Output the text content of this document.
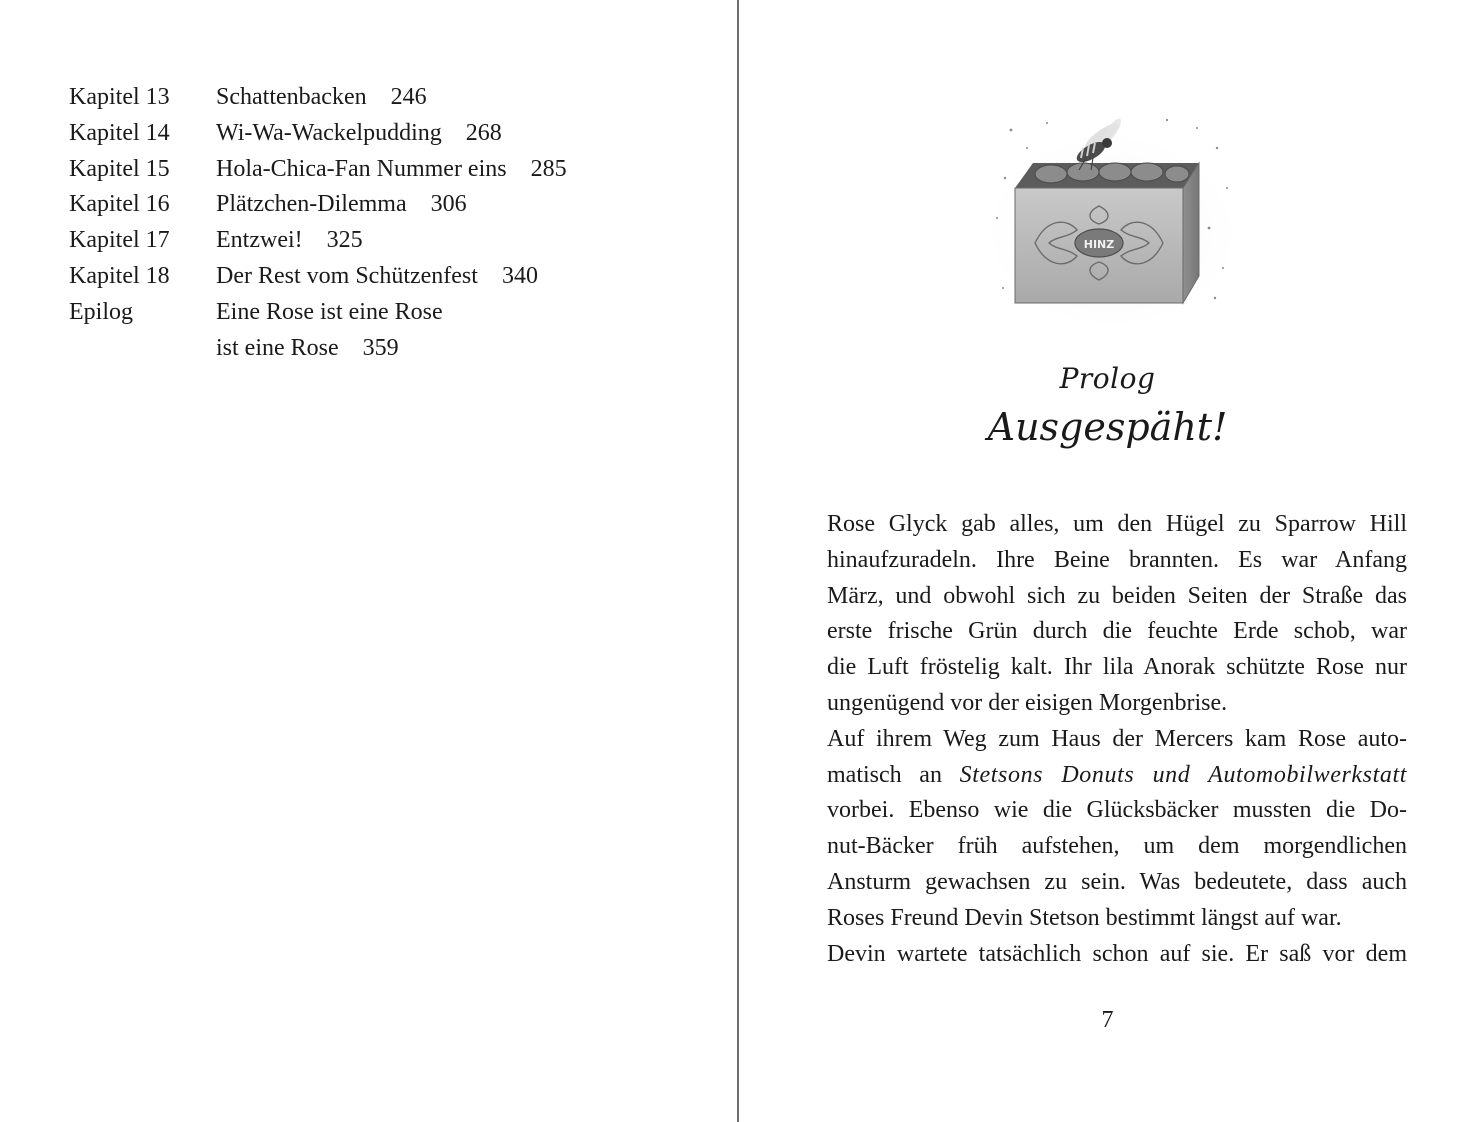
Kapitel 13	Schattenbacken 246
Kapitel 14	Wi-Wa-Wackelpudding 268
Kapitel 15	Hola-Chica-Fan Nummer eins 285
Kapitel 16	Plätzchen-Dilemma 306
Kapitel 17	Entzwei! 325
Kapitel 18	Der Rest vom Schützenfest 340
Epilog	Eine Rose ist eine Rose
ist eine Rose 359
HINZ
Prolog
Ausgespäht!
Rose Glyck gab alles, um den Hügel zu Sparrow Hill
hinaufzuradeln. Ihre Beine brannten. Es war Anfang
März, und obwohl sich zu beiden Seiten der Straße das
erste frische Grün durch die feuchte Erde schob, war
die Luft fröstelig kalt. Ihr lila Anorak schützte Rose nur
ungenügend vor der eisigen Morgenbrise.
Auf ihrem Weg zum Haus der Mercers kam Rose auto-
matisch an Stetsons Donuts und Automobilwerkstatt
vorbei. Ebenso wie die Glücksbäcker mussten die Do-
nut-Bäcker früh aufstehen, um dem morgendlichen
Ansturm gewachsen zu sein. Was bedeutete, dass auch
Roses Freund Devin Stetson bestimmt längst auf war.
Devin wartete tatsächlich schon auf sie. Er saß vor dem
7
